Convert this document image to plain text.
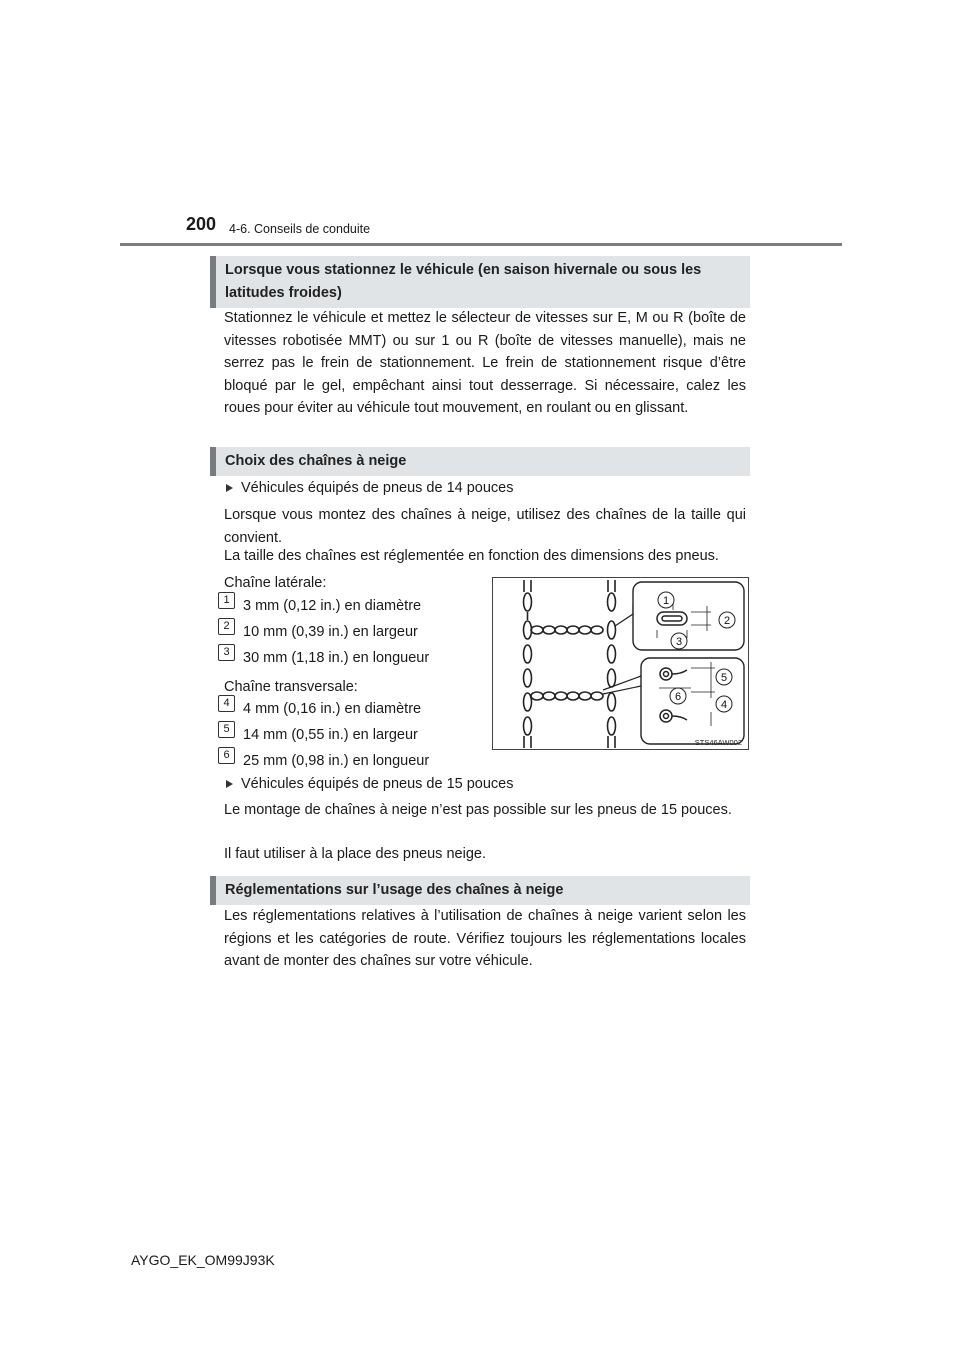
200 4-6. Conseils de conduite
Lorsque vous stationnez le véhicule (en saison hivernale ou sous les latitudes froides)

Stationnez le véhicule et mettez le sélecteur de vitesses sur E, M ou R (boîte de vitesses robotisée MMT) ou sur 1 ou R (boîte de vitesses manuelle), mais ne serrez pas le frein de stationnement. Le frein de stationnement risque d’être bloqué par le gel, empêchant ainsi tout desserrage. Si nécessaire, calez les roues pour éviter au véhicule tout mouvement, en roulant ou en glissant.

Choix des chaînes à neige
Véhicules équipés de pneus de 14 pouces

Lorsque vous montez des chaînes à neige, utilisez des chaînes de la taille qui convient.

La taille des chaînes est réglementée en fonction des dimensions des pneus.

Chaîne latérale:
1 3 mm (0,12 in.) en diamètre
2 10 mm (0,39 in.) en largeur
3 30 mm (1,18 in.) en longueur
Chaîne transversale:
4 4 mm (0,16 in.) en diamètre
5 14 mm (0,55 in.) en largeur
6 25 mm (0,98 in.) en longueur
1
2
3
4
5
6
STS46AW002
Véhicules équipés de pneus de 15 pouces

Le montage de chaînes à neige n’est pas possible sur les pneus de 15 pouces.

Il faut utiliser à la place des pneus neige.

Réglementations sur l’usage des chaînes à neige

Les réglementations relatives à l’utilisation de chaînes à neige varient selon les régions et les catégories de route. Vérifiez toujours les réglementations locales avant de monter des chaînes sur votre véhicule.

AYGO_EK_OM99J93K
